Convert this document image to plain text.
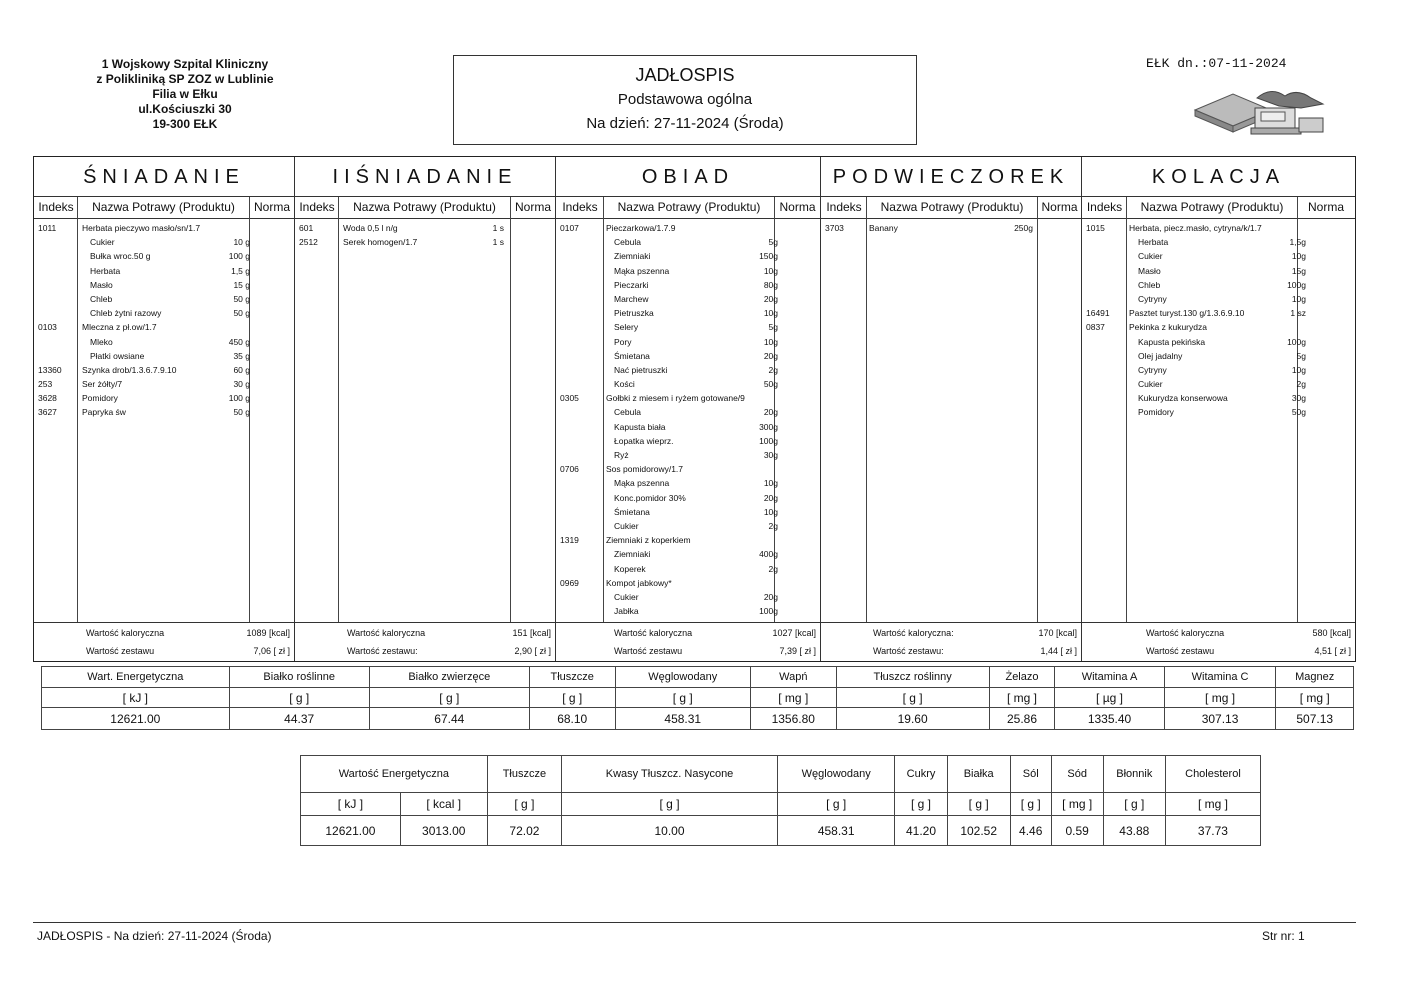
1 Wojskowy Szpital Kliniczny
z Polikliniką SP ZOZ w Lublinie
Filia w Ełku
ul.Kościuszki 30
19-300 EŁK
JADŁOSPIS
Podstawowa ogólna
Na dzień: 27-11-2024 (Środa)
EŁK dn.:07-11-2024
ŚNIADANIE
Indeks	Nazwa Potrawy (Produktu)	Norma
1011	Herbata pieczywo masło/sn/1.7
Cukier	10 g
Bułka wroc.50 g	100 g
Herbata	1,5 g
Masło	15 g
Chleb	50 g
Chleb żytni razowy	50 g
0103	Mleczna z pł.ow/1.7
Mleko	450 g
Płatki owsiane	35 g
13360 Szynka drob/1.3.6.7.9.10	60 g
253	Ser żółty/7	30 g
3628	Pomidory	100 g
3627	Papryka św	50 g
Wartość kaloryczna	1089 [kcal]
Wartość zestawu	7,06 [ zł ]
IIŚNIADANIE
Indeks	Nazwa Potrawy (Produktu)	Norma
601	Woda 0,5 l n/g	1 s
2512	Serek homogen/1.7	1 s
Wartość kaloryczna	151 [kcal]
Wartość zestawu:	2,90 [ zł ]
OBIAD
Indeks	Nazwa Potrawy (Produktu)	Norma
0107	Pieczarkowa/1.7.9
Cebula	5g
Ziemniaki	150g
Mąka pszenna	10g
Pieczarki	80g
Marchew	20g
Pietruszka	10g
Selery	5g
Pory	10g
Śmietana	20g
Nać pietruszki	2g
Kości	50g
0305	Gołbki z miesem i ryżem gotowane/9
Cebula	20g
Kapusta biała	300g
Łopatka wieprz.	100g
Ryż	30g
0706	Sos pomidorowy/1.7
Mąka pszenna	10g
Konc.pomidor 30%	20g
Śmietana	10g
Cukier	2g
1319	Ziemniaki z koperkiem
Ziemniaki	400g
Koperek	2g
0969	Kompot jabkowy*
Cukier	20g
Jabłka	100g
Wartość kaloryczna	1027 [kcal]
Wartość zestawu	7,39 [ zł ]
PODWIECZOREK
Indeks	Nazwa Potrawy (Produktu)	Norma
3703	Banany	250g
Wartość kaloryczna:	170 [kcal]
Wartość zestawu:	1,44 [ zł ]
KOLACJA
Indeks	Nazwa Potrawy (Produktu)	Norma
1015	Herbata, piecz.masło, cytryna/k/1.7
Herbata	1,5g
Cukier	10g
Masło	15g
Chleb	100g
Cytryny	10g
16491 Pasztet turyst.130 g/1.3.6.9.10	1 sz
0837	Pekinka z kukurydza
Kapusta pekińska	100g
Olej jadalny	5g
Cytryny	10g
Cukier	2g
Kukurydza konserwowa	30g
Pomidory	50g
Wartość kaloryczna	580 [kcal]
Wartość zestawu	4,51 [ zł ]
Wart. Energetyczna	Białko roślinne	Białko zwierzęce	Tłuszcze	Węglowodany	Wapń	Tłuszcz roślinny	Żelazo	Witamina A	Witamina C	Magnez
[ kJ ]	[ g ]	[ g ]	[ g ]	[ g ]	[ mg ]	[ g ]	[ mg ]	[ µg ]	[ mg ]	[ mg ]
12621.00	44.37	67.44	68.10	458.31	1356.80	19.60	25.86	1335.40	307.13	507.13
Wartość Energetyczna		Tłuszcze	Kwasy Tłuszcz. Nasycone	Węglowodany	Cukry	Białka	Sól	Sód	Błonnik	Cholesterol
[ kJ ]	[ kcal ]	[ g ]	[ g ]	[ g ]	[ g ]	[ g ]	[ g ]	[ mg ]	[ g ]	[ mg ]
12621.00	3013.00	72.02	10.00	458.31	41.20	102.52	4.46	0.59	43.88	37.73
JADŁOSPIS - Na dzień: 27-11-2024 (Środa)	Str nr: 1
